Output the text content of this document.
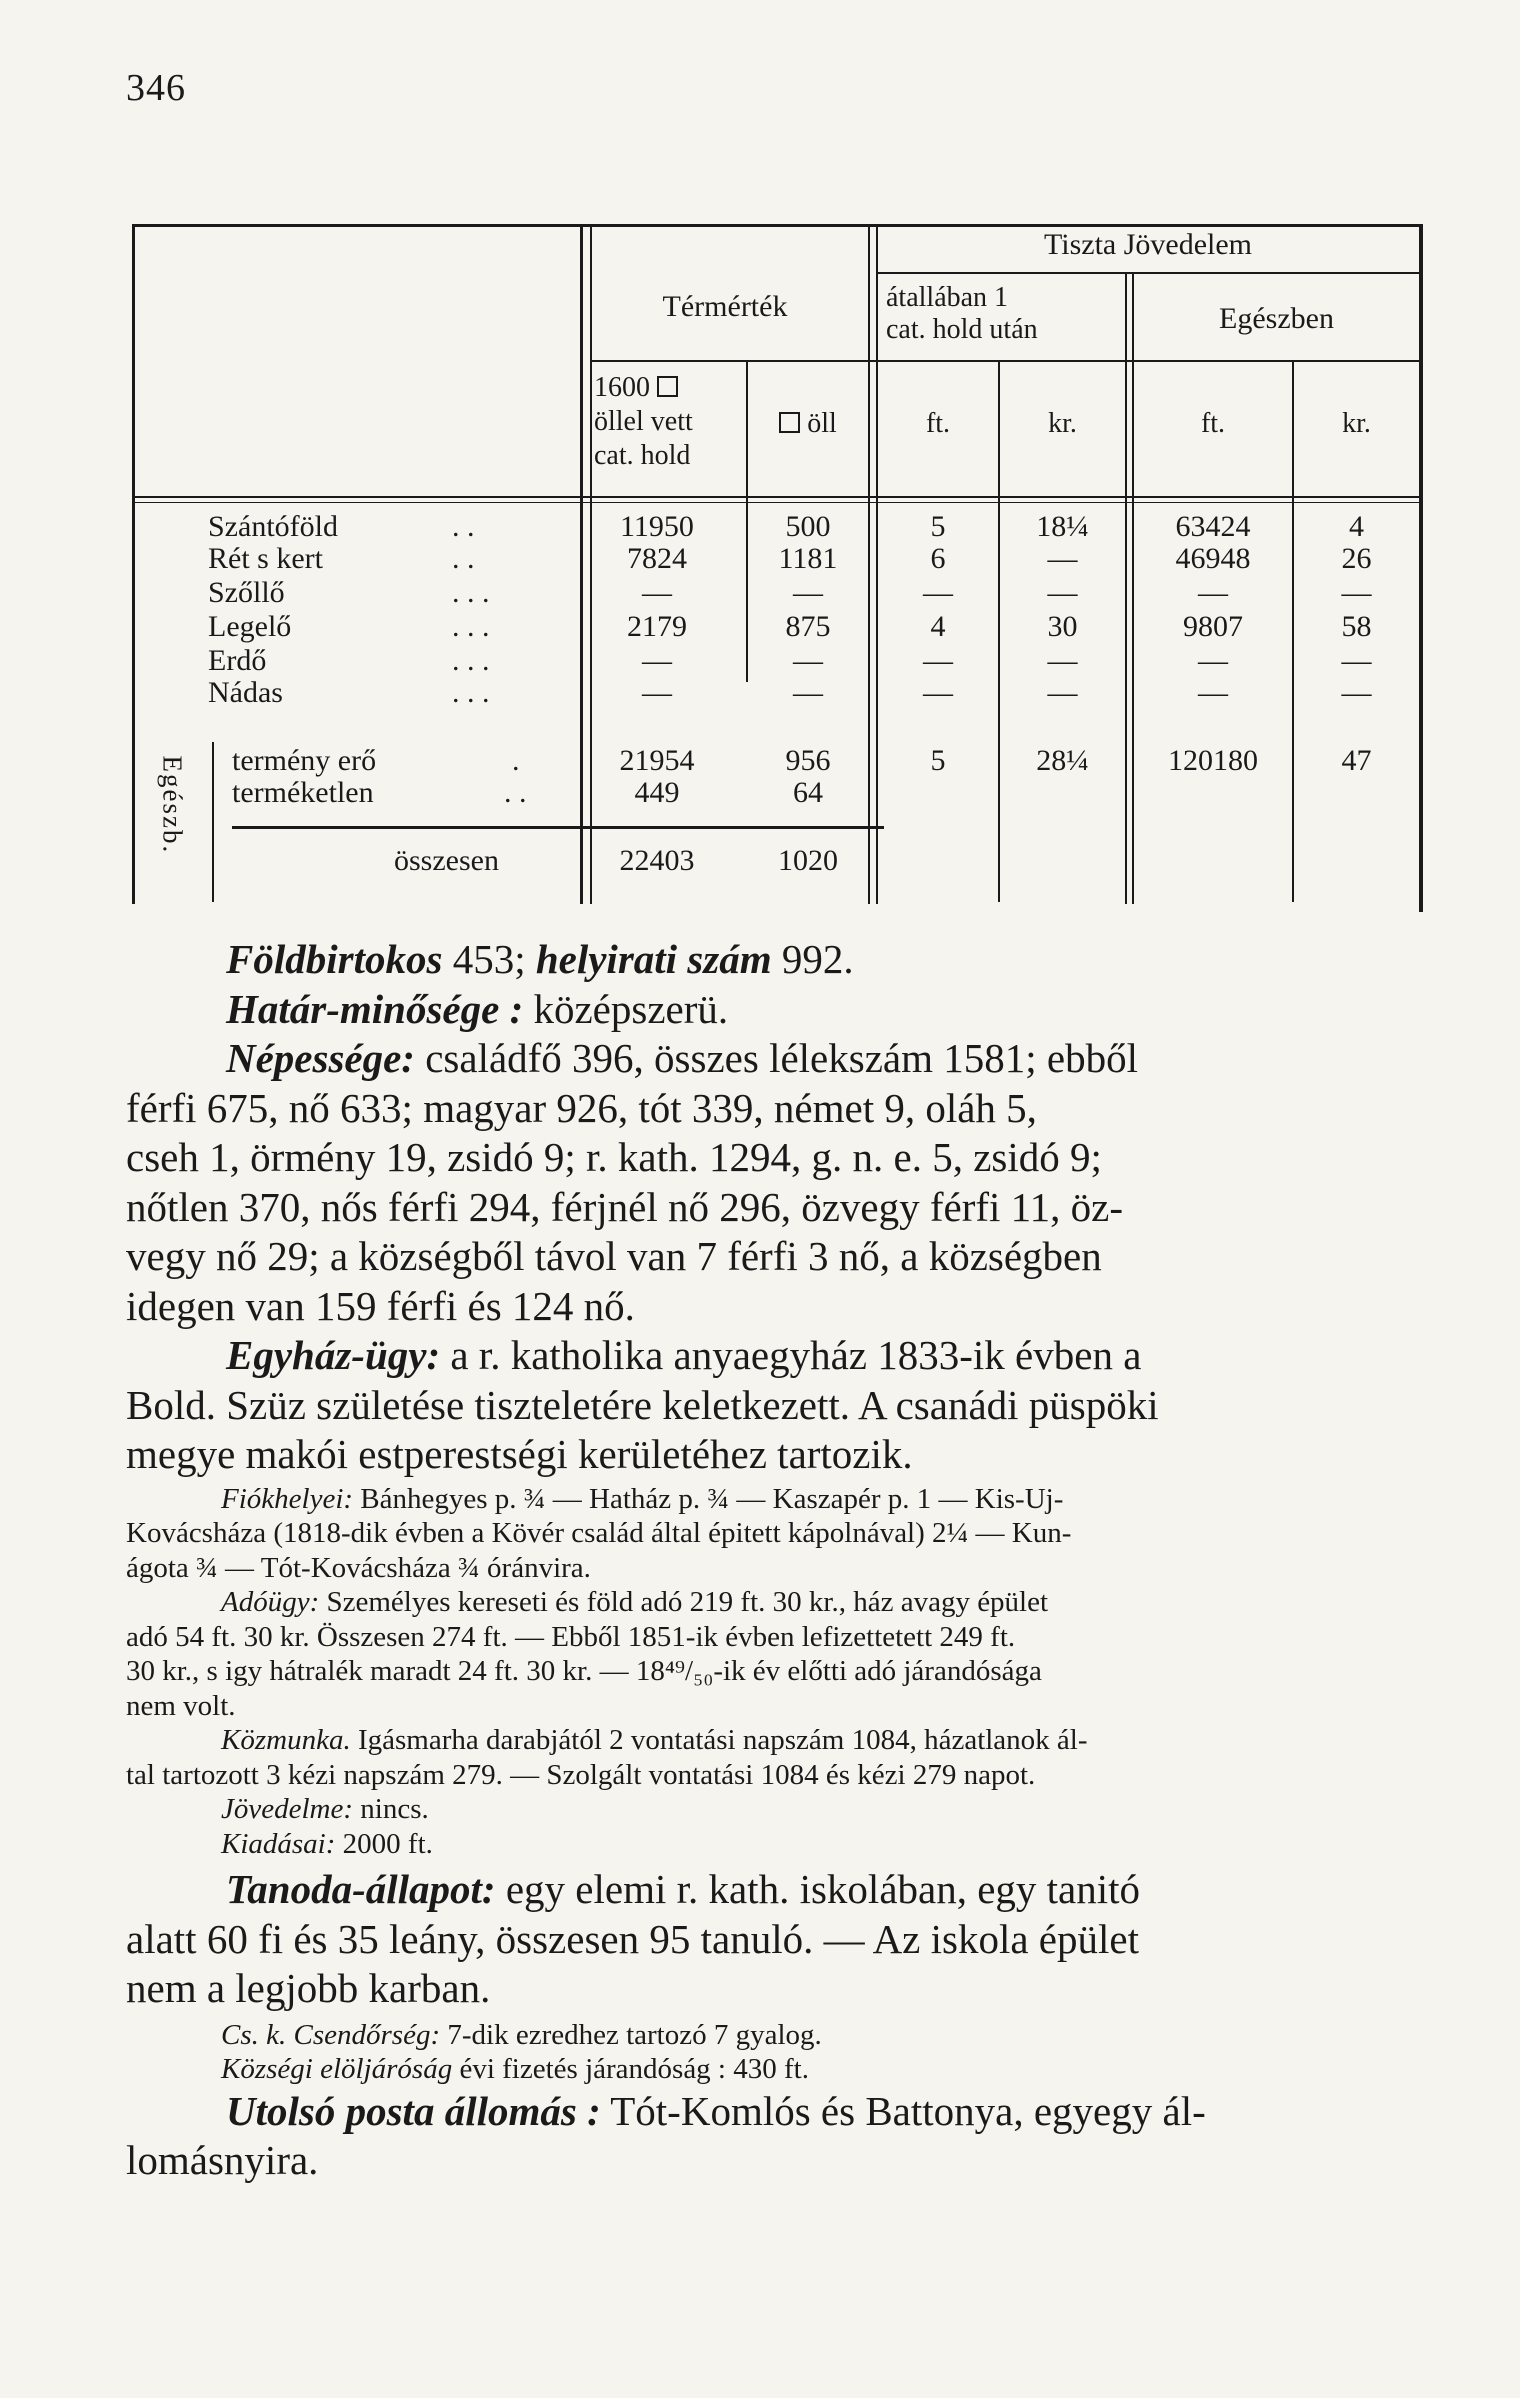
346
Térmérték
Tiszta Jövedelem
átallában 1
cat. hold után	Egészben
1600
öllel vett
cat. hold
öll	ft.	kr.	ft.	kr.
Szántóföld	. .	11950	500	5	18¼	63424	4
Rét s kert	. .	7824	1181	6	—	46948	26
Szőllő	. . .	—	—	—	—	—	—
Legelő	. . .	2179	875	4	30	9807	58
Erdő	. . .	—	—	—	—	—	—
Nádas	. . .	—	—	—	—	—	—
termény erő	.	21954	956	5	28¼	120180	47
terméketlen	. .	449	64
összesen	22403	1020
Egészb.

Földbirtokos 453; helyirati szám 992.

Határ-minősége : középszerü.

Népessége: családfő 396, összes lélekszám 1581; ebből
férfi 675, nő 633; magyar 926, tót 339, német 9, oláh 5,
cseh 1, örmény 19, zsidó 9; r. kath. 1294, g. n. e. 5, zsidó 9;
nőtlen 370, nős férfi 294, férjnél nő 296, özvegy férfi 11, öz-
vegy nő 29; a községből távol van 7 férfi 3 nő, a községben
idegen van 159 férfi és 124 nő.

Egyház-ügy: a r. katholika anyaegyház 1833-ik évben a
Bold. Szüz születése tiszteletére keletkezett. A csanádi püspöki
megye makói estperestségi kerületéhez tartozik.

Fiókhelyei: Bánhegyes p. ¾ — Hatház p. ¾ — Kaszapér p. 1 — Kis-Uj-
Kovácsháza (1818-dik évben a Kövér család által épitett kápolnával) 2¼ — Kun-
ágota ¾ — Tót-Kovácsháza ¾ óránvira.

Adóügy: Személyes kereseti és föld adó 219 ft. 30 kr., ház avagy épület
adó 54 ft. 30 kr. Összesen 274 ft. — Ebből 1851-ik évben lefizettetett 249 ft.
30 kr., s igy hátralék maradt 24 ft. 30 kr. — 18⁴⁹/₅₀-ik év előtti adó járandósága
nem volt.

Közmunka. Igásmarha darabjától 2 vontatási napszám 1084, házatlanok ál-
tal tartozott 3 kézi napszám 279. — Szolgált vontatási 1084 és kézi 279 napot.

Jövedelme: nincs.

Kiadásai: 2000 ft.

Tanoda-állapot: egy elemi r. kath. iskolában, egy tanitó
alatt 60 fi és 35 leány, összesen 95 tanuló. — Az iskola épület
nem a legjobb karban.

Cs. k. Csendőrség: 7-dik ezredhez tartozó 7 gyalog.

Községi elöljáróság évi fizetés járandóság : 430 ft.

Utolsó posta állomás : Tót-Komlós és Battonya, egyegy ál-
lomásnyira.
